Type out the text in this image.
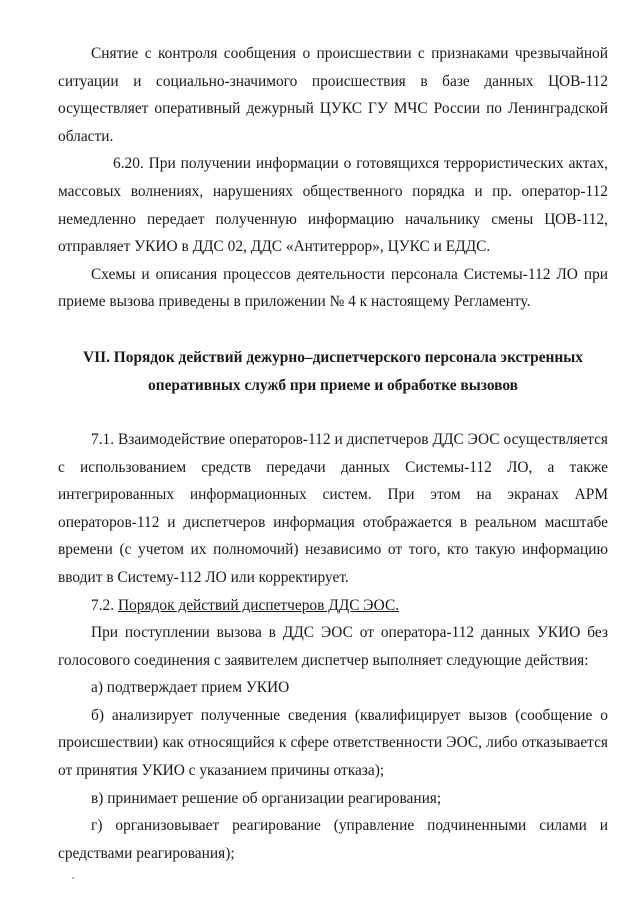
Снятие с контроля сообщения о происшествии с признаками чрезвычайной ситуации и социально-значимого происшествия в базе данных ЦОВ-112 осуществляет оперативный дежурный ЦУКС ГУ МЧС России по Ленинградской области.

6.20. При получении информации о готовящихся террористических актах, массовых волнениях, нарушениях общественного порядка и пр. оператор-112 немедленно передает полученную информацию начальнику смены ЦОВ-112, отправляет УКИО в ДДС 02, ДДС «Антитеррор», ЦУКС и ЕДДС.

Схемы и описания процессов деятельности персонала Системы-112 ЛО при приеме вызова приведены в приложении № 4 к настоящему Регламенту.

VII. Порядок действий дежурно–диспетчерского персонала экстренных
оперативных служб при приеме и обработке вызовов

7.1. Взаимодействие операторов-112 и диспетчеров ДДС ЭОС осуществляется с использованием средств передачи данных Системы-112 ЛО, а также интегрированных информационных систем. При этом на экранах АРМ операторов-112 и диспетчеров информация отображается в реальном масштабе времени (с учетом их полномочий) независимо от того, кто такую информацию вводит в Систему-112 ЛО или корректирует.

7.2. Порядок действий диспетчеров ДДС ЭОС.

При поступлении вызова в ДДС ЭОС от оператора-112 данных УКИО без голосового соединения с заявителем диспетчер выполняет следующие действия:

а) подтверждает прием УКИО

б) анализирует полученные сведения (квалифицирует вызов (сообщение о происшествии) как относящийся к сфере ответственности ЭОС, либо отказывается от принятия УКИО с указанием причины отказа);

в) принимает решение об организации реагирования;

г) организовывает реагирование (управление подчиненными силами и средствами реагирования);
